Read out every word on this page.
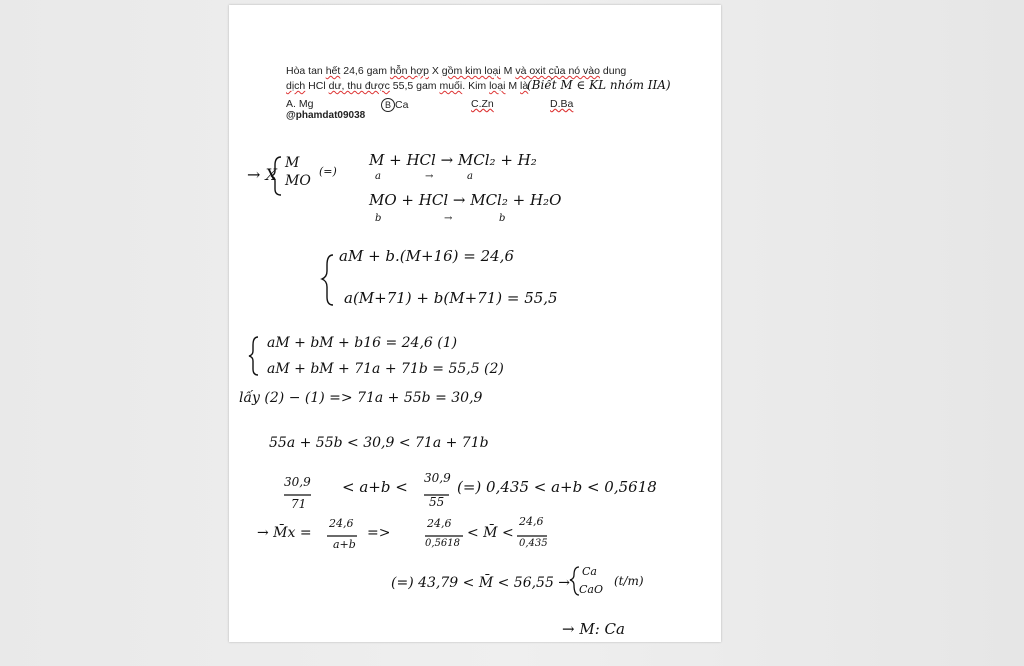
Hòa tan hết 24,6 gam hỗn hợp X gồm kim loại M và oxit của nó vào dung
dịch HCl dư, thu được 55,5 gam muối. Kim loại M là
(Biết M ∈ KL nhóm IIA)
A. Mg	B Ca	C.Zn	D.Ba
@phamdat09038
→ X
M
MO
(=)
M + HCl → MCl₂ + H₂
a	→	a
MO + HCl → MCl₂ + H₂O
b	→	b
aM + b.(M+16) = 24,6
a(M+71) + b(M+71) = 55,5
aM + bM + b16 = 24,6 (1)
aM + bM + 71a + 71b = 55,5 (2)
lấy (2) − (1) => 71a + 55b = 30,9
55a + 55b < 30,9 < 71a + 71b
30,9
71
< a+b < 30,9
55
(=) 0,435 < a+b < 0,5618
→ M̄x =
24,6
a+b
=>
24,6
0,5618
< M̄ <
24,6
0,435
(=) 43,79 < M̄ < 56,55 →
Ca
CaO
(t/m)
→ M: Ca
